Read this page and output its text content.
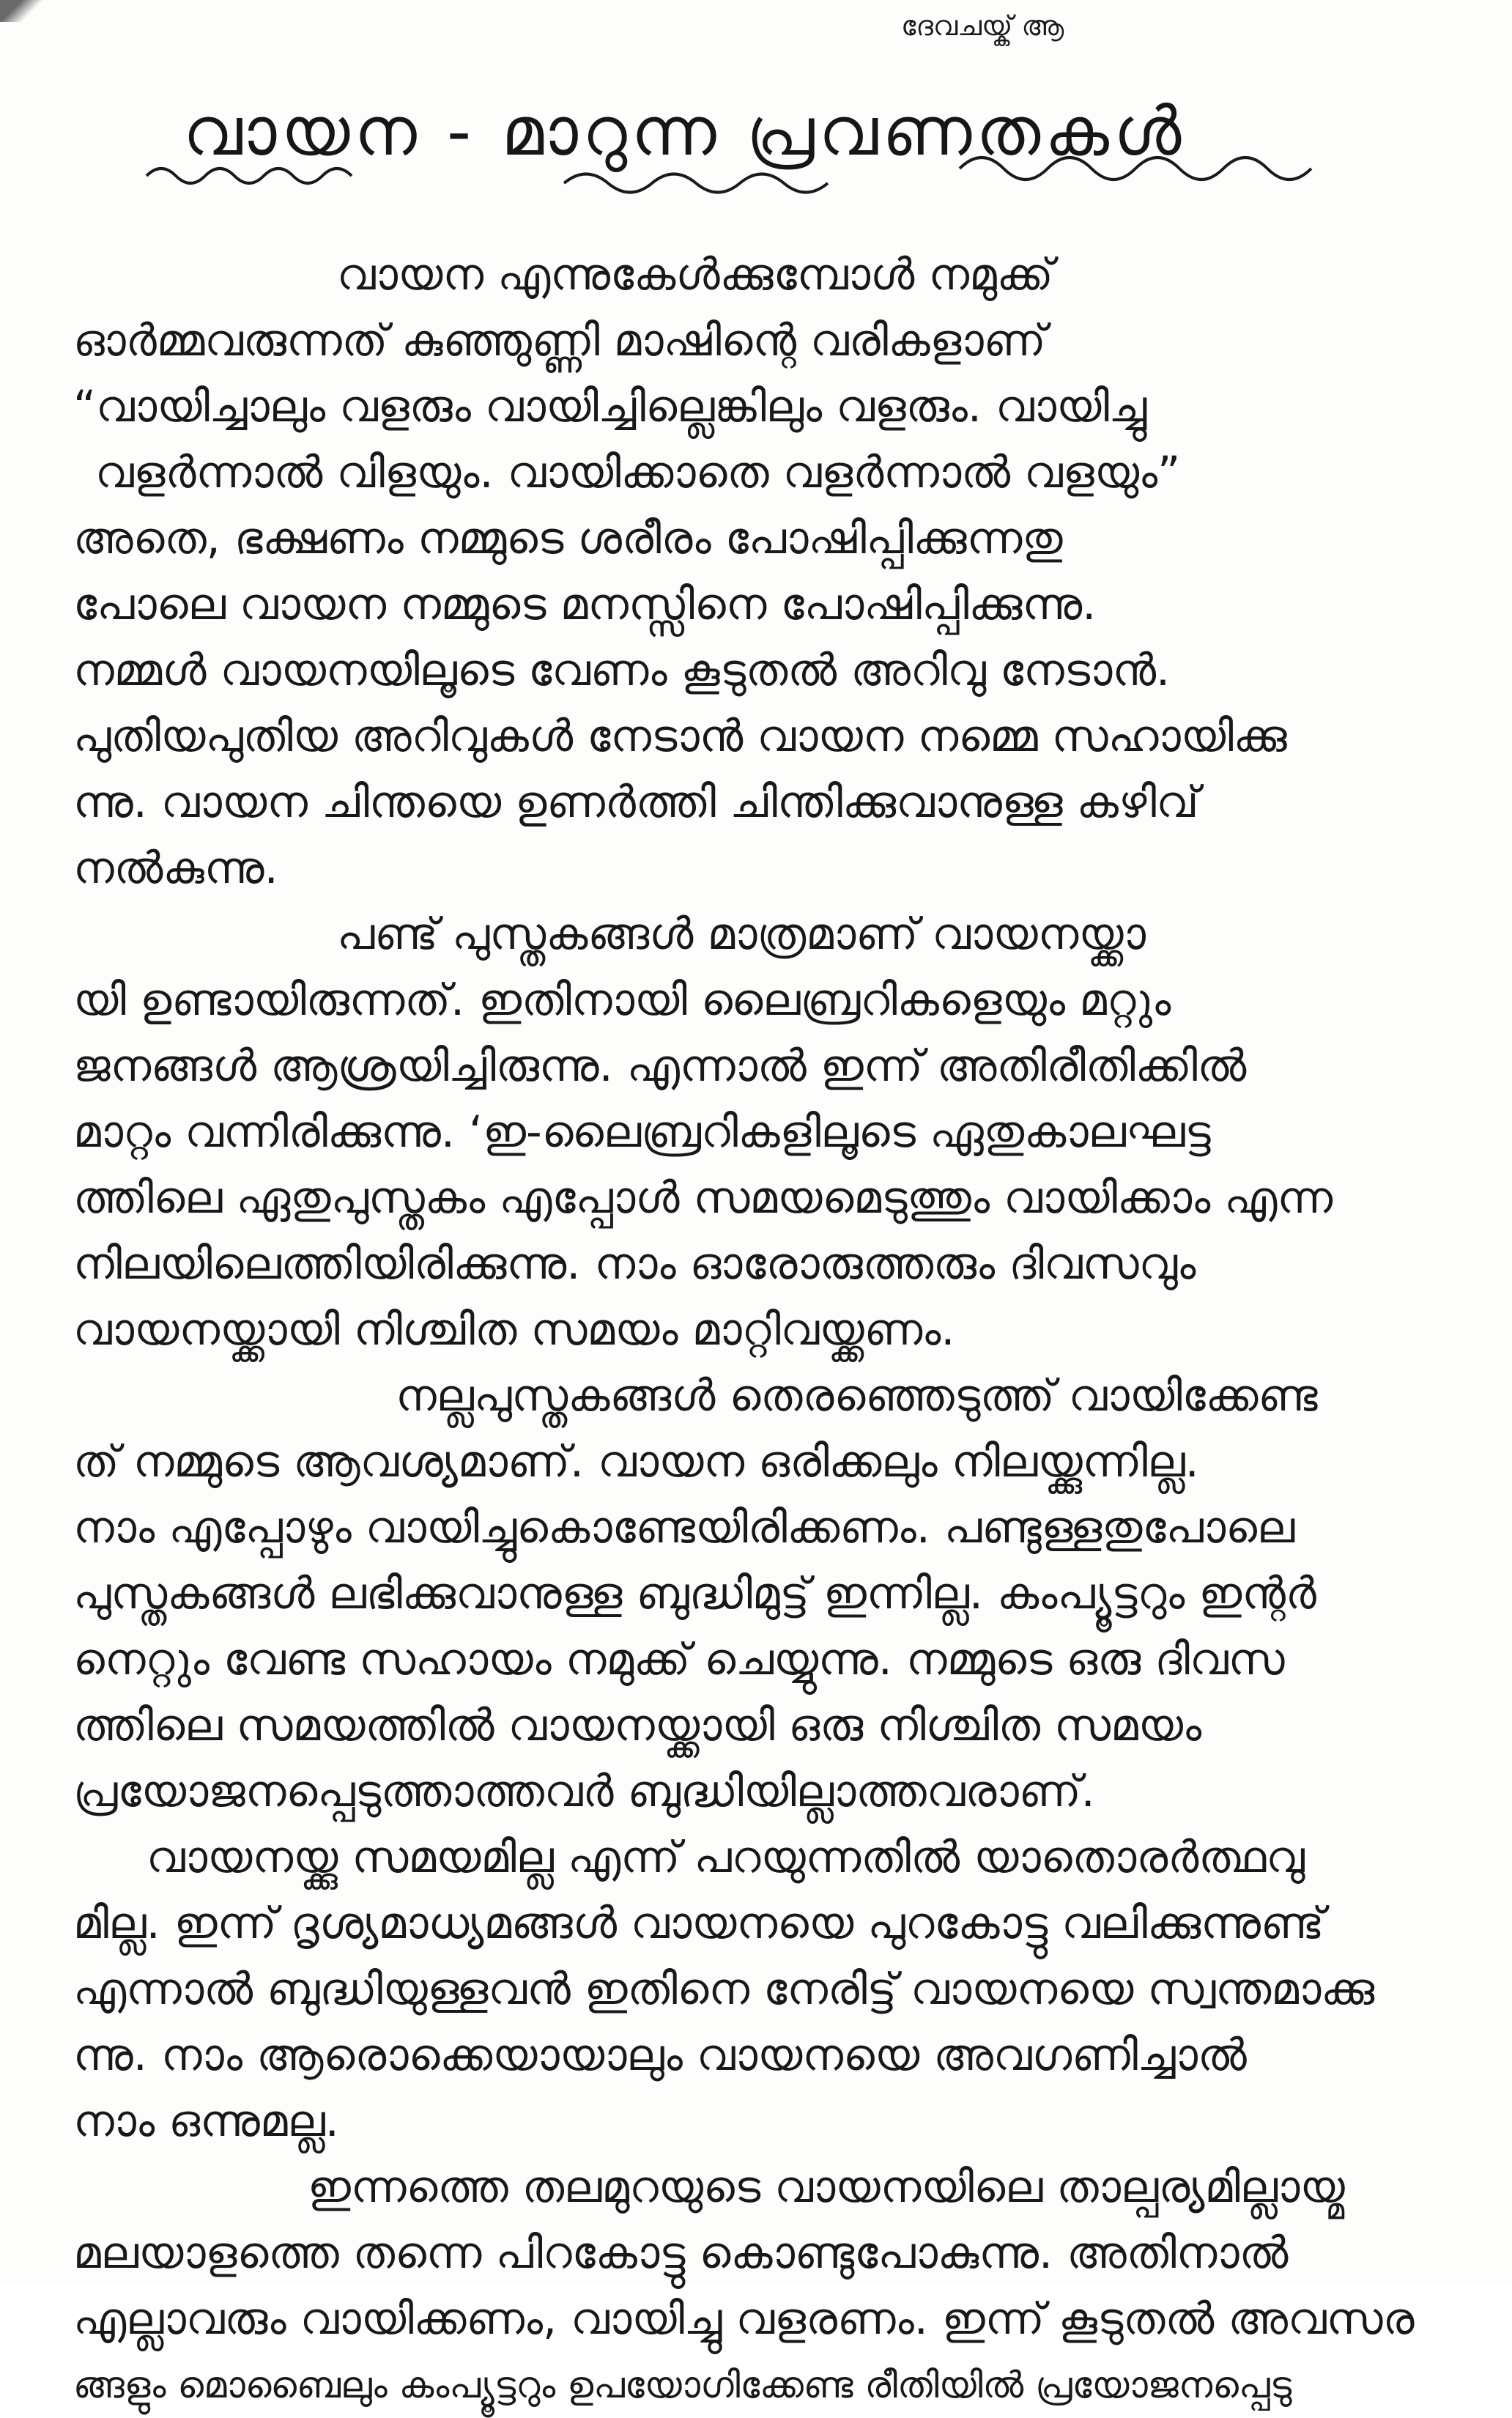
ദേവചയ്ക് ആ
വായന - മാറുന്ന പ്രവണതകൾ
വായന എന്നുകേൾക്കുമ്പോൾ നമുക്ക്
ഓർമ്മവരുന്നത് കുഞ്ഞുണ്ണി മാഷിന്റെ വരികളാണ്
“വായിച്ചാലും വളരും വായിച്ചില്ലെങ്കിലും വളരും. വായിച്ചു
വളർന്നാൽ വിളയും. വായിക്കാതെ വളർന്നാൽ വളയും”
അതെ, ഭക്ഷണം നമ്മുടെ ശരീരം പോഷിപ്പിക്കുന്നതു
പോലെ വായന നമ്മുടെ മനസ്സിനെ പോഷിപ്പിക്കുന്നു.
നമ്മൾ വായനയിലൂടെ വേണം കൂടുതൽ അറിവു നേടാൻ.
പുതിയപുതിയ അറിവുകൾ നേടാൻ വായന നമ്മെ സഹായിക്കു
ന്നു. വായന ചിന്തയെ ഉണർത്തി ചിന്തിക്കുവാനുള്ള കഴിവ്
നൽകുന്നു.
പണ്ട് പുസ്തകങ്ങൾ മാത്രമാണ് വായനയ്ക്കാ
യി ഉണ്ടായിരുന്നത്. ഇതിനായി ലൈബ്രറികളെയും മറ്റും
ജനങ്ങൾ ആശ്രയിച്ചിരുന്നു. എന്നാൽ ഇന്ന് അതിരീതിക്കിൽ
മാറ്റം വന്നിരിക്കുന്നു. ‘ഇ-ലൈബ്രറികളിലൂടെ ഏതുകാലഘട്ട
ത്തിലെ ഏതുപുസ്തകം എപ്പോൾ സമയമെടുത്തും വായിക്കാം എന്ന
നിലയിലെത്തിയിരിക്കുന്നു. നാം ഓരോരുത്തരും ദിവസവും
വായനയ്ക്കായി നിശ്ചിത സമയം മാറ്റിവയ്ക്കണം.
നല്ലപുസ്തകങ്ങൾ തെരഞ്ഞെടുത്ത് വായിക്കേണ്ട
ത് നമ്മുടെ ആവശ്യമാണ്. വായന ഒരിക്കലും നിലയ്ക്കുന്നില്ല.
നാം എപ്പോഴും വായിച്ചുകൊണ്ടേയിരിക്കണം. പണ്ടുള്ളതുപോലെ
പുസ്തകങ്ങൾ ലഭിക്കുവാനുള്ള ബുദ്ധിമുട്ട് ഇന്നില്ല. കംപ്യൂട്ടറും ഇന്റർ
നെറ്റും വേണ്ട സഹായം നമുക്ക് ചെയ്യുന്നു. നമ്മുടെ ഒരു ദിവസ
ത്തിലെ സമയത്തിൽ വായനയ്ക്കായി ഒരു നിശ്ചിത സമയം
പ്രയോജനപ്പെടുത്താത്തവർ ബുദ്ധിയില്ലാത്തവരാണ്.
വായനയ്ക്കു സമയമില്ല എന്ന് പറയുന്നതിൽ യാതൊരർത്ഥവു
മില്ല. ഇന്ന് ദൃശ്യമാധ്യമങ്ങൾ വായനയെ പുറകോട്ടു വലിക്കുന്നുണ്ട്
എന്നാൽ ബുദ്ധിയുള്ളവൻ ഇതിനെ നേരിട്ട് വായനയെ സ്വന്തമാക്കു
ന്നു. നാം ആരൊക്കെയായാലും വായനയെ അവഗണിച്ചാൽ
നാം ഒന്നുമല്ല.
ഇന്നത്തെ തലമുറയുടെ വായനയിലെ താല്പര്യമില്ലായ്മ
മലയാളത്തെ തന്നെ പിറകോട്ടു കൊണ്ടുപോകുന്നു. അതിനാൽ
എല്ലാവരും വായിക്കണം, വായിച്ചു വളരണം. ഇന്ന് കൂടുതൽ അവസര
ങ്ങളും മൊബൈലും കംപ്യൂട്ടറും ഉപയോഗിക്കേണ്ട രീതിയിൽ പ്രയോജനപ്പെടു
